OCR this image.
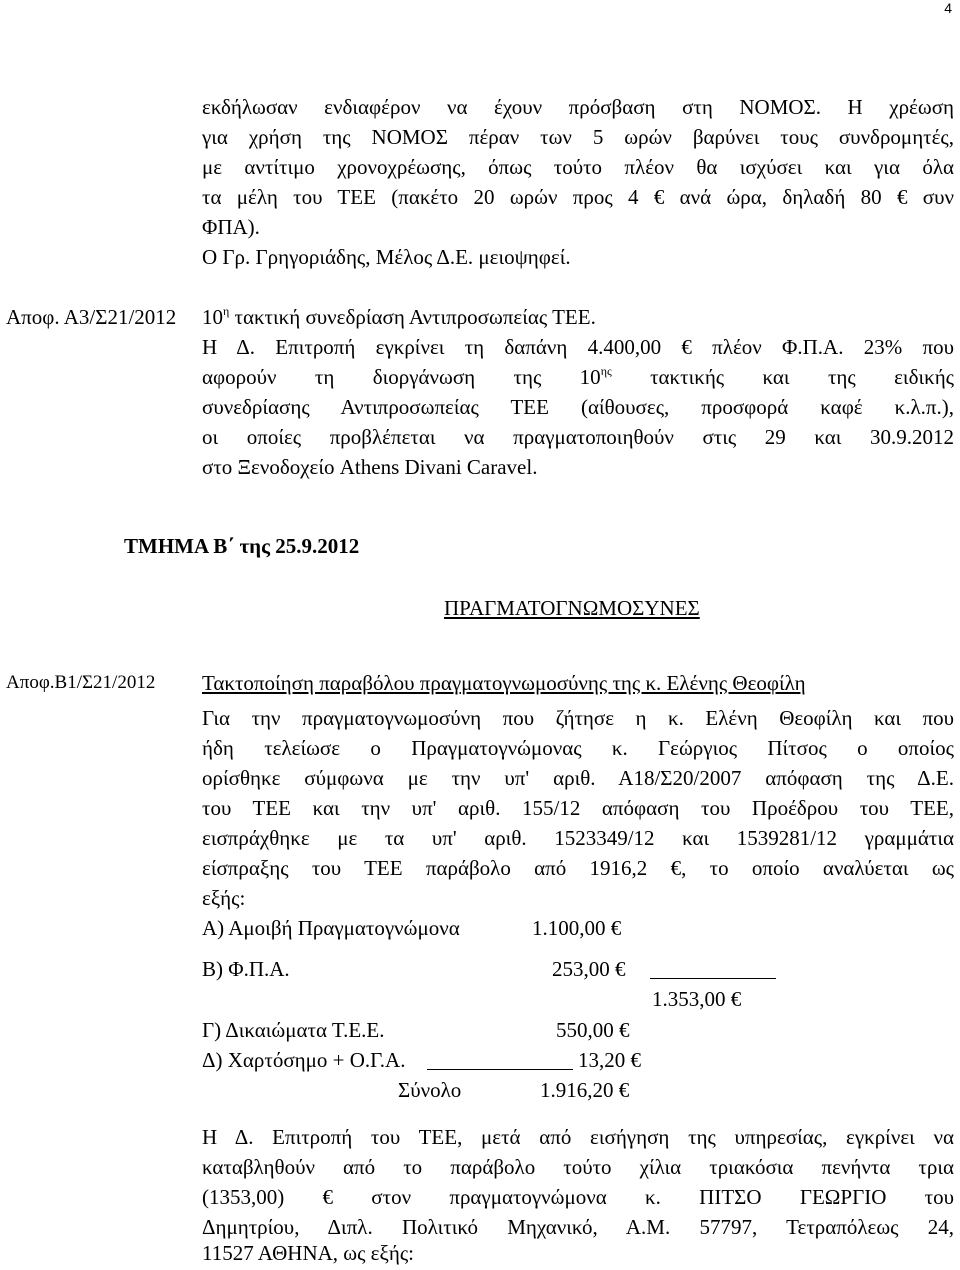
4
εκδήλωσαν ενδιαφέρον να έχουν πρόσβαση στη ΝΟΜΟΣ. Η χρέωση
για χρήση της ΝΟΜΟΣ πέραν των 5 ωρών βαρύνει τους συνδρομητές,
με αντίτιμο χρονοχρέωσης, όπως τούτο πλέον θα ισχύσει και για όλα
τα μέλη του ΤΕΕ (πακέτο 20 ωρών προς 4 € ανά ώρα, δηλαδή 80 € συν
ΦΠΑ).
Ο Γρ. Γρηγοριάδης, Μέλος Δ.Ε. μειοψηφεί.
Αποφ. Α3/Σ21/2012 $10^\eta$ τακτική συνεδρίαση Αντιπροσωπείας ΤΕΕ.
Η Δ. Επιτροπή εγκρίνει τη δαπάνη 4.400,00 € πλέον Φ.Π.Α. 23% που
αφορούν τη διοργάνωση της $10^{\eta\varsigma}$ τακτικής και της ειδικής
συνεδρίασης Αντιπροσωπείας ΤΕΕ (αίθουσες, προσφορά καφέ κ.λ.π.),
οι οποίες προβλέπεται να πραγματοποιηθούν στις 29 και 30.9.2012
στο Ξενοδοχείο Athens Divani Caravel.
ΤΜΗΜΑ Β΄ της 25.9.2012
ΠΡΑΓΜΑΤΟΓΝΩΜΟΣΥΝΕΣ
Αποφ.Β1/Σ21/2012 Τακτοποίηση παραβόλου πραγματογνωμοσύνης της κ. Ελένης Θεοφίλη
Για την πραγματογνωμοσύνη που ζήτησε η κ. Ελένη Θεοφίλη και που
ήδη τελείωσε ο Πραγματογνώμονας κ. Γεώργιος Πίτσος ο οποίος
ορίσθηκε σύμφωνα με την υπ' αριθ. Α18/Σ20/2007 απόφαση της Δ.Ε.
του ΤΕΕ και την υπ' αριθ. 155/12 απόφαση του Προέδρου του ΤΕΕ,
εισπράχθηκε με τα υπ' αριθ. 1523349/12 και 1539281/12 γραμμάτια
είσπραξης του ΤΕΕ παράβολο από 1916,2 €, το οποίο αναλύεται ως
εξής:
Α) Αμοιβή Πραγματογνώμονα	1.100,00 €
Β) Φ.Π.Α.	253,00 €
1.353,00 €
Γ) Δικαιώματα Τ.Ε.Ε.	550,00 €
Δ) Χαρτόσημο + Ο.Γ.Α.	13,20 €
Σύνολο	1.916,20 €
Η Δ. Επιτροπή του ΤΕΕ, μετά από εισήγηση της υπηρεσίας, εγκρίνει να
καταβληθούν από το παράβολο τούτο χίλια τριακόσια πενήντα τρια
(1353,00) € στον πραγματογνώμονα κ. ΠΙΤΣΟ ΓΕΩΡΓΙΟ του
Δημητρίου, Διπλ. Πολιτικό Μηχανικό, Α.Μ. 57797, Τετραπόλεως 24,
11527 ΑΘΗΝΑ, ως εξής:
